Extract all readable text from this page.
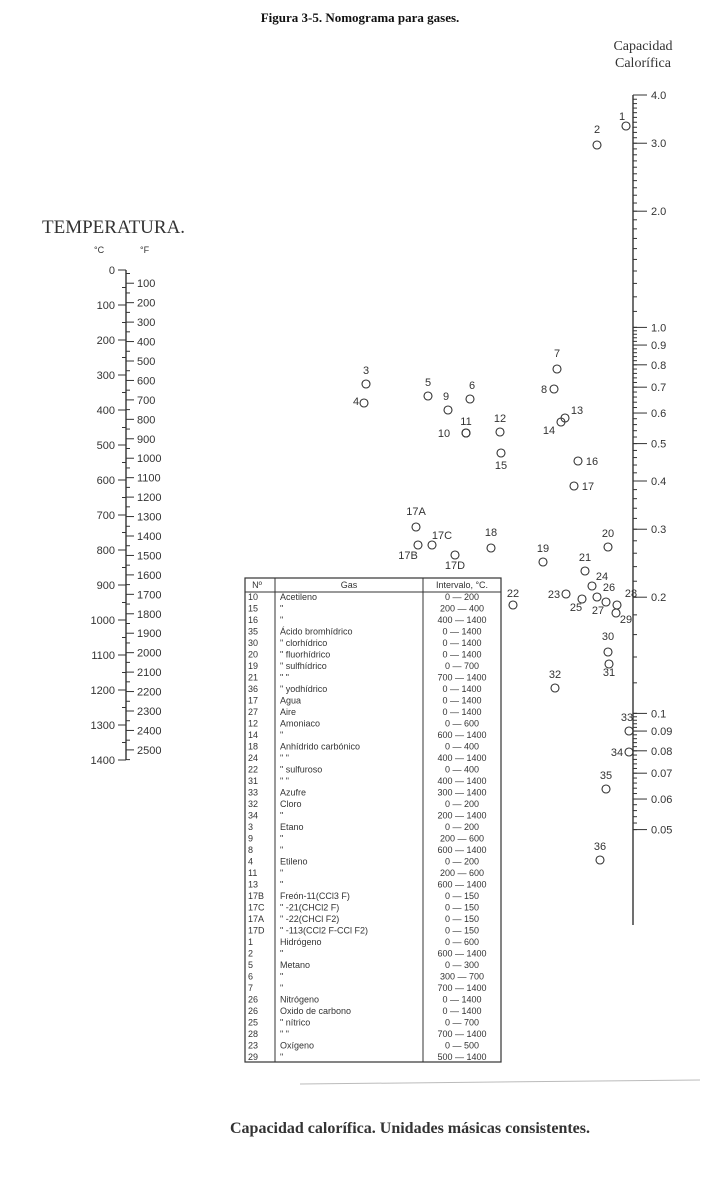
Figura 3-5. Nomograma para gases.
TEMPERATURA.
°C	°F
Capacidad
Calorífica
0
100
200
300
400
500
600
700
800
900
1000
1100
1200
1300
1400
100
200
300
400
500
600
700
800
900
1000
1100
1200
1300
1400
1500
1600
1700
1800
1900
2000
2100
2200
2300
2400
2500
4.0
3.0
2.0
1.0
0.9
0.8
0.7
0.6
0.5
0.4
0.3
0.2
0.1
0.09
0.08
0.07
0.06
0.05
1
2
3
4
5	6
7
8
9
10
11 12
13
14
15	16
17
17A
17B
17C
17D
18
19
20
21
22	23
24
25
26
27
28
29
30
31
32
33
34
35
36
Nº	Gas	Intervalo, °C.
10 Acetileno	0 — 200
15 "	200 — 400
16 "	400 — 1400
35 Ácido bromhídrico	0 — 1400
30 " clorhídrico	0 — 1400
20 " fluorhídrico	0 — 1400
19 " sulfhídrico	0 — 700
21 " "	700 — 1400
36 " yodhídrico	0 — 1400
17 Agua	0 — 1400
27 Aire	0 — 1400
12 Amoniaco	0 — 600
14 "	600 — 1400
18 Anhídrido carbónico	0 — 400
24 " "	400 — 1400
22 " sulfuroso	0 — 400
31 " "	400 — 1400
33 Azufre	300 — 1400
32 Cloro	0 — 200
34 "	200 — 1400
3	Etano	0 — 200
9	"	200 — 600
8	"	600 — 1400
4	Etileno	0 — 200
11	"	200 — 600
13 "	600 — 1400
17B Freón-11(CCl3 F)	0 — 150
17C " -21(CHCl2 F)	0 — 150
17A " -22(CHCl F2)	0 — 150
17D " -113(CCl2 F-CCl F2)	0 — 150
1	Hidrógeno	0 — 600
2	"	600 — 1400
5	Metano	0 — 300
6	"	300 — 700
7	"	700 — 1400
26 Nitrógeno	0 — 1400
26 Oxido de carbono	0 — 1400
25 " nítrico	0 — 700
28 " "	700 — 1400
23 Oxígeno	0 — 500
29 "	500 — 1400
Capacidad calorífica. Unidades másicas consistentes.
